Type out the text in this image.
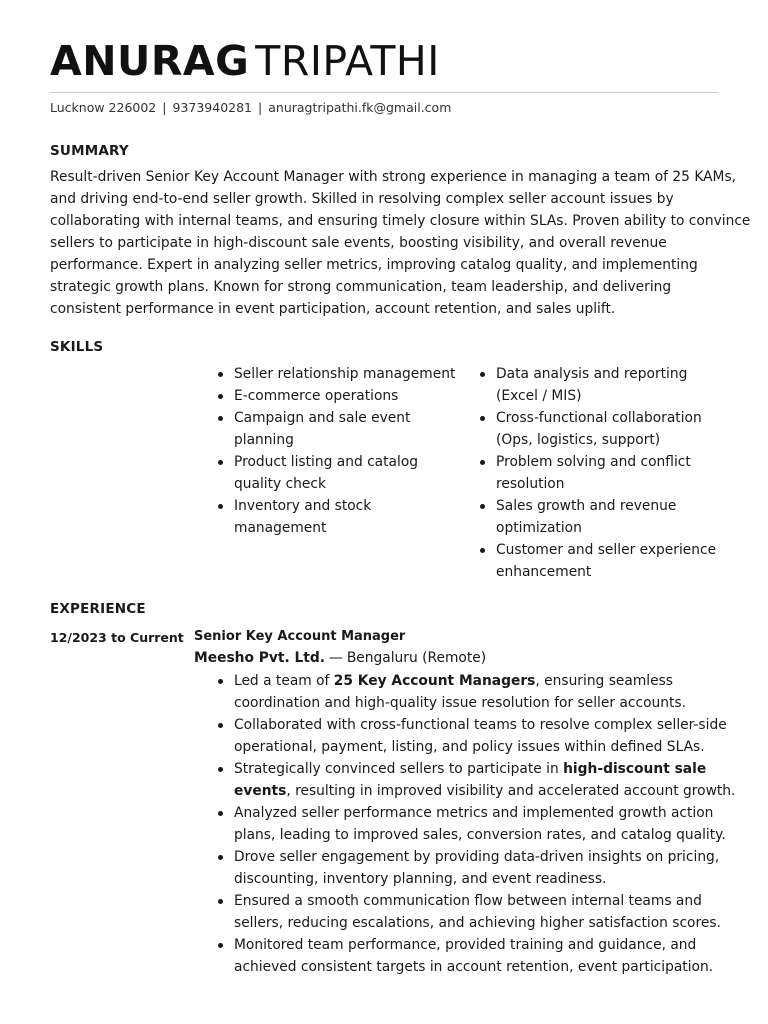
ANURAG TRIPATHI
Lucknow 226002 | 9373940281 | anuragtripathi.fk@gmail.com
SUMMARY
Result-driven Senior Key Account Manager with strong experience in managing a team of 25 KAMs,
and driving end-to-end seller growth. Skilled in resolving complex seller account issues by
collaborating with internal teams, and ensuring timely closure within SLAs. Proven ability to convince
sellers to participate in high-discount sale events, boosting visibility, and overall revenue
performance. Expert in analyzing seller metrics, improving catalog quality, and implementing
strategic growth plans. Known for strong communication, team leadership, and delivering
consistent performance in event participation, account retention, and sales uplift.
SKILLS
Seller relationship management
E-commerce operations
Campaign and sale event
planning
Product listing and catalog
quality check
Inventory and stock
management
Data analysis and reporting
(Excel / MIS)
Cross-functional collaboration
(Ops, logistics, support)
Problem solving and conflict
resolution
Sales growth and revenue
optimization
Customer and seller experience
enhancement
EXPERIENCE
12/2023 to Current Senior Key Account Manager
Meesho Pvt. Ltd. — Bengaluru (Remote)
Led a team of 25 Key Account Managers, ensuring seamless
coordination and high-quality issue resolution for seller accounts.
Collaborated with cross-functional teams to resolve complex seller-side
operational, payment, listing, and policy issues within defined SLAs.
Strategically convinced sellers to participate in high-discount sale
events, resulting in improved visibility and accelerated account growth.
Analyzed seller performance metrics and implemented growth action
plans, leading to improved sales, conversion rates, and catalog quality.
Drove seller engagement by providing data-driven insights on pricing,
discounting, inventory planning, and event readiness.
Ensured a smooth communication flow between internal teams and
sellers, reducing escalations, and achieving higher satisfaction scores.
Monitored team performance, provided training and guidance, and
achieved consistent targets in account retention, event participation.
